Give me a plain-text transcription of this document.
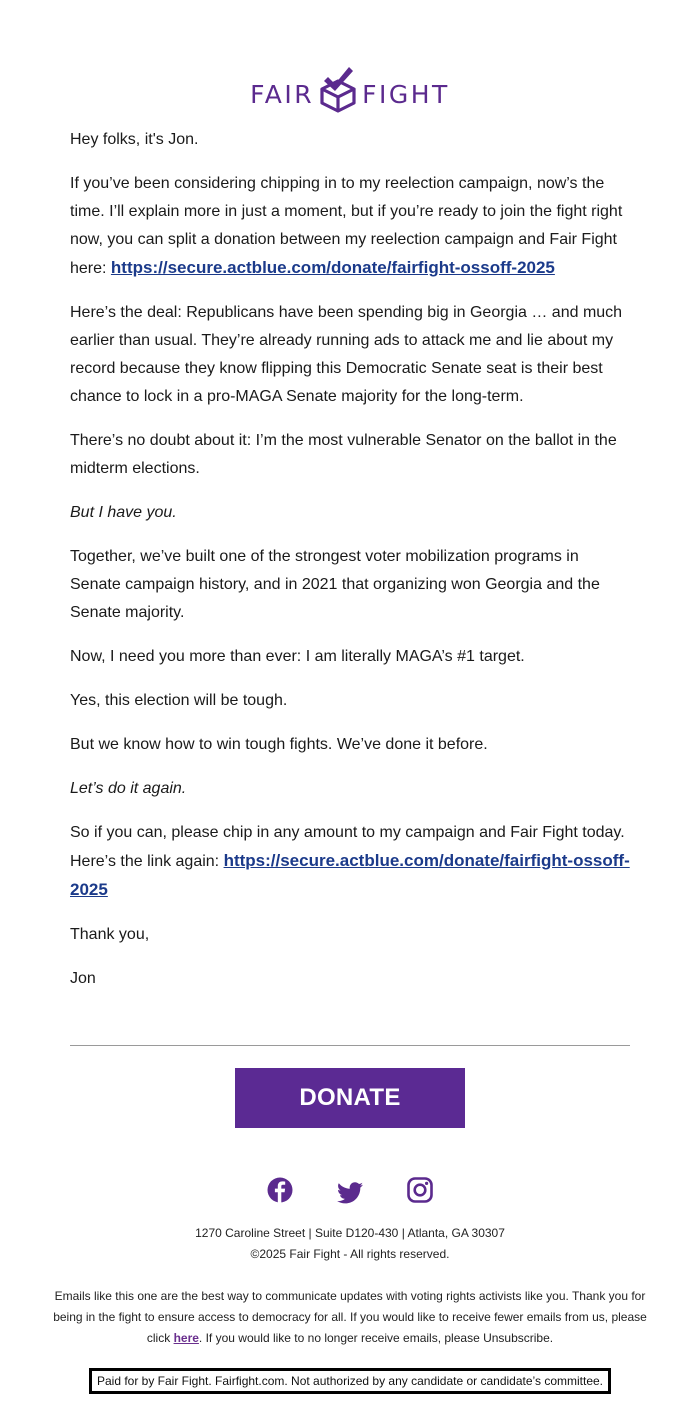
FAIR FIGHT

Hey folks, it's Jon.

If you’ve been considering chipping in to my reelection campaign, now’s the time. I’ll explain more in just a moment, but if you’re ready to join the fight right now, you can split a donation between my reelection campaign and Fair Fight here: https://secure.actblue.com/donate/fairfight-ossoff-2025

Here’s the deal: Republicans have been spending big in Georgia … and much earlier than usual. They’re already running ads to attack me and lie about my record because they know flipping this Democratic Senate seat is their best chance to lock in a pro-MAGA Senate majority for the long-term.

There’s no doubt about it: I’m the most vulnerable Senator on the ballot in the midterm elections.

But I have you.

Together, we’ve built one of the strongest voter mobilization programs in Senate campaign history, and in 2021 that organizing won Georgia and the Senate majority.

Now, I need you more than ever: I am literally MAGA’s #1 target.

Yes, this election will be tough.

But we know how to win tough fights. We’ve done it before.

Let’s do it again.

So if you can, please chip in any amount to my campaign and Fair Fight today. Here’s the link again: https://secure.actblue.com/donate/fairfight-ossoff-2025

Thank you,

Jon

DONATE
1270 Caroline Street | Suite D120-430 | Atlanta, GA 30307
©2025 Fair Fight - All rights reserved.
Emails like this one are the best way to communicate updates with voting rights activists like you. Thank you for being in the fight to ensure access to democracy for all. If you would like to receive fewer emails from us, please click here. If you would like to no longer receive emails, please Unsubscribe.
Paid for by Fair Fight. Fairfight.com. Not authorized by any candidate or candidate’s committee.
